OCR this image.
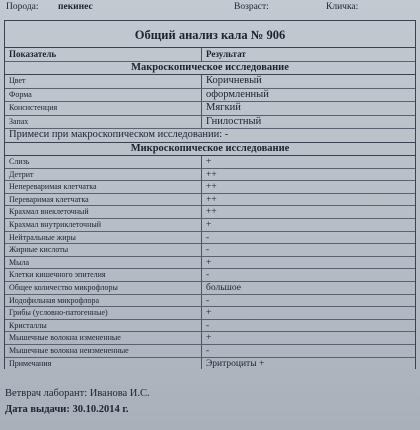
Порода: пекинес	Возраст:	Кличка:
Общий анализ кала № 906
Показатель	Результат
Макроскопическое исследование
Цвет	Коричневый
Форма	оформленный
Консистенция	Мягкий
Запах	Гнилостный
Примеси при макроскопическом исследовании: -
Микроскопическое исследование
Слизь	+
Детрит	++
Непереваримая клетчатка	++
Переваримая клетчатка	++
Крахмал внеклеточный	++
Крахмал внутриклеточный	+
Нейтральные жиры	-
Жирные кислоты	-
Мыла	+
Клетки кишечного эпителия	-
Общее количество микрофлоры	большое
Иодофильная микрофлора	-
Грибы (условно-патогенные)	+
Кристаллы	-
Мышечные волокна измененные	+
Мышечные волокна неизмененные	-
Примечания	Эритроциты +
Ветврач лаборант: Иванова И.С.
Дата выдачи: 30.10.2014 г.
